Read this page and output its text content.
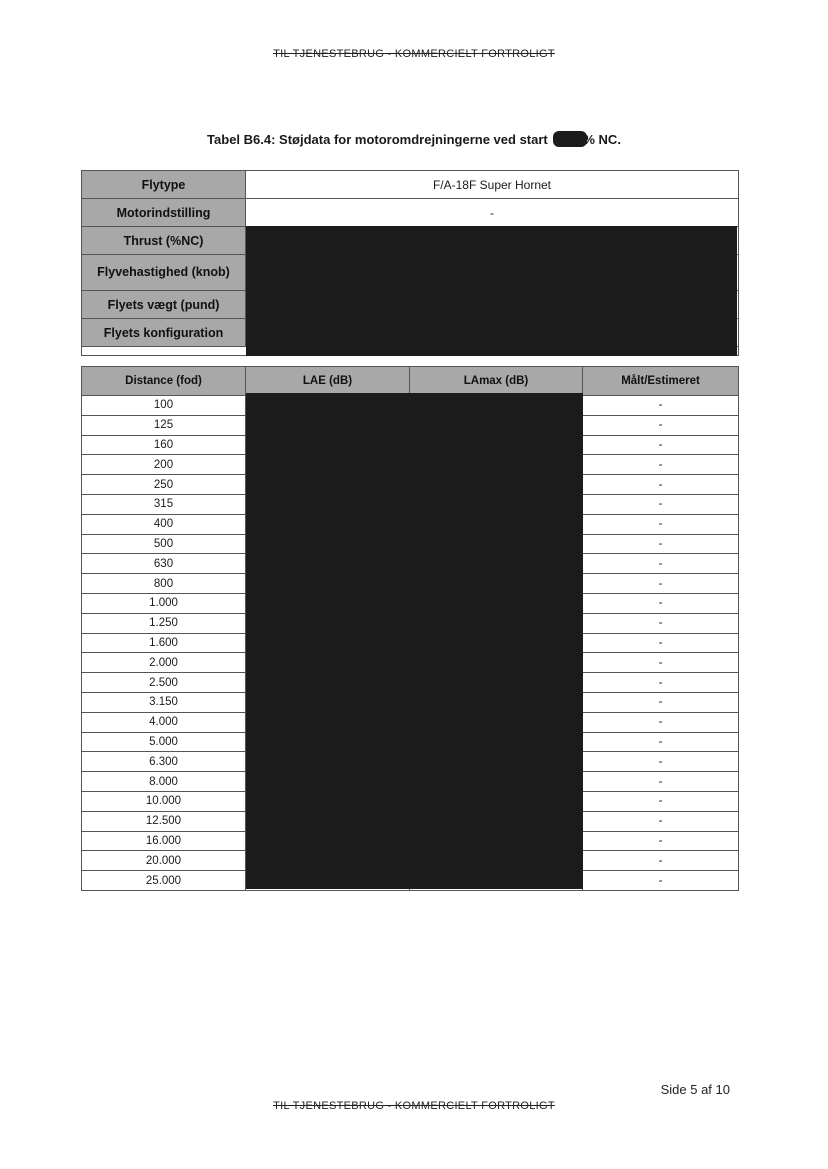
TIL TJENESTEBRUG - KOMMERCIELT FORTROLIGT
Tabel B6.4: Støjdata for motoromdrejningerne ved start % NC.
Flytype	F/A-18F Super Hornet
Motorindstilling	-
Thrust (%NC)	
Flyvehastighed (knob)	
Flyets vægt (pund)	
Flyets konfiguration	

Distance (fod)	LAE (dB)	LAmax (dB)	Målt/Estimeret
100			-
125			-
160			-
200			-
250			-
315			-
400			-
500			-
630			-
800			-
1.000			-
1.250			-
1.600			-
2.000			-
2.500			-
3.150			-
4.000			-
5.000			-
6.300			-
8.000			-
10.000			-
12.500			-
16.000			-
20.000			-
25.000			-
Side 5 af 10
TIL TJENESTEBRUG - KOMMERCIELT FORTROLIGT
